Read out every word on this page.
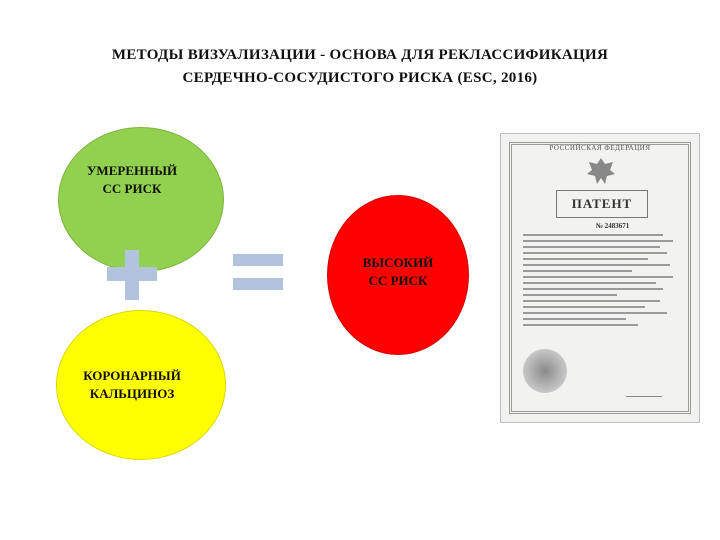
МЕТОДЫ ВИЗУАЛИЗАЦИИ - ОСНОВА ДЛЯ РЕКЛАССИФИКАЦИЯ
СЕРДЕЧНО-СОСУДИСТОГО РИСКА (ESC, 2016)
УМЕРЕННЫЙ
СС РИСК
ВЫСОКИЙ
СС РИСК
КОРОНАРНЫЙ
КАЛЬЦИНОЗ
РОССИЙСКАЯ ФЕДЕРАЦИЯ
ПАТЕНТ
№ 2483671
